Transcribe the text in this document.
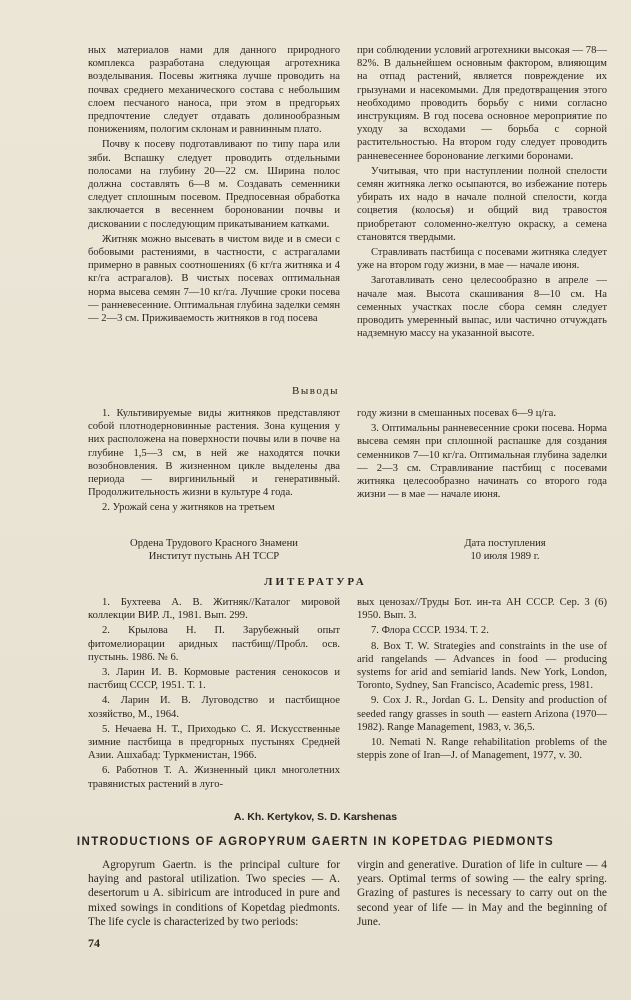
ных материалов нами для данного природного комплекса разработана следующая агротехника возделывания. Посевы житняка лучше проводить на почвах среднего механического состава с небольшим слоем песчаного наноса, при этом в предгорьях предпочтение следует отдавать долинообразным понижениям, пологим склонам и равнинным плато.

Почву к посеву подготавливают по типу пара или зяби. Вспашку следует проводить отдельными полосами на глубину 20—22 см. Ширина полос должна составлять 6—8 м. Создавать семенники следует сплошным посевом. Предпосевная обработка заключается в весеннем бороновании почвы и дисковании с последующим прикатыванием катками.

Житняк можно высевать в чистом виде и в смеси с бобовыми растениями, в частности, с астрагалами примерно в равных соотношениях (6 кг/га житняка и 4 кг/га астрагалов). В чистых посевах оптимальная норма высева семян 7—10 кг/га. Лучшие сроки посева — ранневесенние. Оптимальная глубина заделки семян — 2—3 см. Приживаемость житняков в год посева

при соблюдении условий агротехники высокая — 78—82%. В дальнейшем основным фактором, влияющим на отпад растений, является повреждение их грызунами и насекомыми. Для предотвращения этого необходимо проводить борьбу с ними согласно инструкциям. В год посева основное мероприятие по уходу за всходами — борьба с сорной растительностью. На втором году следует проводить ранневесеннее боронование легкими боронами.

Учитывая, что при наступлении полной спелости семян житняка легко осыпаются, во избежание потерь убирать их надо в начале полной спелости, когда соцветия (колосья) и общий вид травостоя приобретают соломенно-желтую окраску, а семена становятся твердыми.

Стравливать пастбища с посевами житняка следует уже на втором году жизни, в мае — начале июня.

Заготавливать сено целесообразно в апреле — начале мая. Высота скашивания 8—10 см. На семенных участках после сбора семян следует проводить умеренный выпас, или частично отчуждать надземную массу на указанной высоте.

Выводы

1. Культивируемые виды житняков представляют собой плотнодерновинные растения. Зона кущения у них расположена на поверхности почвы или в почве на глубине 1,5—3 см, в ней же находятся почки возобновления. В жизненном цикле выделены два периода — виргинильный и генеративный. Продолжительность жизни в культуре 4 года.

2. Урожай сена у житняков на третьем

году жизни в смешанных посевах 6—9 ц/га.

3. Оптимальны ранневесенние сроки посева. Норма высева семян при сплошной распашке для создания семенников 7—10 кг/га. Оптимальная глубина заделки — 2—3 см. Стравливание пастбищ с посевами житняка целесообразно начинать со второго года жизни — в мае — начале июня.

Ордена Трудового Красного Знамени
Институт пустынь АН ТССР
Дата поступления
10 июля 1989 г.
ЛИТЕРАТУРА

1. Бухтеева А. В. Житняк//Каталог мировой коллекции ВИР. Л., 1981. Вып. 299.

2. Крылова Н. П. Зарубежный опыт фитомелиорации аридных пастбищ//Пробл. осв. пустынь. 1986. № 6.

3. Ларин И. В. Кормовые растения сенокосов и пастбищ СССР, 1951. Т. 1.

4. Ларин И. В. Луговодство и пастбищное хозяйство, М., 1964.

5. Нечаева Н. Т., Приходько С. Я. Искусственные зимние пастбища в предгорных пустынях Средней Азии. Ашхабад: Туркменистан, 1966.

6. Работнов Т. А. Жизненный цикл многолетних травянистых растений в луго-

вых ценозах//Труды Бот. ин-та АН СССР. Сер. 3 (6) 1950. Вып. 3.

7. Флора СССР. 1934. Т. 2.

8. Box T. W. Strategies and constraints in the use of arid rangelands — Advances in food — producing systems for arid and semiarid lands. New York, London, Toronto, Sydney, San Francisco, Academic press, 1981.

9. Cox J. R., Jordan G. L. Density and production of seeded rangy grasses in south — eastern Arizona (1970—1982). Range Management, 1983, v. 36,5.

10. Nemati N. Range rehabilitation problems of the steppis zone of Iran—J. of Management, 1977, v. 30.

A. Kh. Kertykov, S. D. Karshenas
INTRODUCTIONS OF AGROPYRUM GAERTN IN KOPETDAG PIEDMONTS

Agropyrum Gaertn. is the principal culture for haying and pastoral utilization. Two species — A. desertorum u A. sibiricum are introduced in pure and mixed sowings in conditions of Kopetdag piedmonts. The life cycle is characterized by two periods:

virgin and generative. Duration of life in culture — 4 years. Optimal terms of sowing — the ealry spring. Grazing of pastures is necessary to carry out on the second year of life — in May and the beginning of June.

74
